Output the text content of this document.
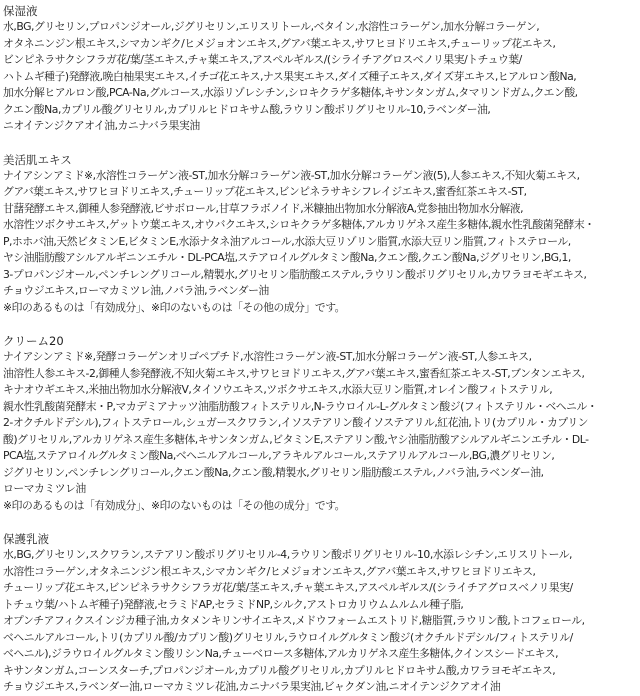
保湿液
水,BG,グリセリン,プロパンジオール,ジグリセリン,エリスリトール,ベタイン,水溶性コラーゲン,加水分解コラーゲン,
オタネニンジン根エキス,シマカンギク/ヒメジョオンエキス,グアバ葉エキス,サワヒヨドリエキス,チューリップ花エキス,
ビンピネラサクシフラガ花/葉/茎エキス,チャ葉エキス,アスペルギルス/(シライチアグロスベノリ果実/トチュウ葉/
ハトムギ種子)発酵液,晩白柚果実エキス,イチゴ花エキス,ナス果実エキス,ダイズ種子エキス,ダイズ芽エキス,ヒアルロン酸Na,
加水分解ヒアルロン酸,PCA-Na,グルコース,水添リゾレシチン,シロキクラゲ多糖体,キサンタンガム,タマリンドガム,クエン酸,
クエン酸Na,カプリル酸グリセリル,カプリルヒドロキサム酸,ラウリン酸ポリグリセリル-10,ラベンダー油,
ニオイテンジクアオイ油,カニナバラ果実油
美活肌エキス
ナイアシンアミド※,水溶性コラーゲン液-ST,加水分解コラーゲン液-ST,加水分解コラーゲン液(5),人参エキス,不知火菊エキス,
グアバ葉エキス,サワヒヨドリエキス,チューリップ花エキス,ビンピネラサキシフレイジエキス,蜜香紅茶エキス-ST,
甘藷発酵エキス,御種人参発酵液,ビサボロール,甘草フラボノイド,米糠抽出物加水分解液A,党参抽出物加水分解液,
水溶性ツボクサエキス,ゲットウ葉エキス,オウバクエキス,シロキクラゲ多糖体,アルカリゲネス産生多糖体,親水性乳酸菌発酵末・
P,ホホバ油,天然ビタミンE,ビタミンE,水添ナタネ油アルコール,水添大豆リゾリン脂質,水添大豆リン脂質,フィトステロール,
ヤシ油脂肪酸アシルアルギニンエチル・DL-PCA塩,ステアロイルグルタミン酸Na,クエン酸,クエン酸Na,ジグリセリン,BG,1,
3-プロパンジオール,ペンチレングリコール,精製水,グリセリン脂肪酸エステル,ラウリン酸ポリグリセリル,カワラヨモギエキス,
チョウジエキス,ローマカミツレ油,ノバラ油,ラベンダー油
※印のあるものは「有効成分」、※印のないものは「その他の成分」です。
クリーム20
ナイアシンアミド※,発酵コラーゲンオリゴペプチド,水溶性コラーゲン液-ST,加水分解コラーゲン液-ST,人参エキス,
油溶性人参エキス-2,御種人参発酵液,不知火菊エキス,サワヒヨドリエキス,グアバ葉エキス,蜜香紅茶エキス-ST,ブンタンエキス,
キナオウギエキス,米抽出物加水分解液V,タイソウエキス,ツボクサエキス,水添大豆リン脂質,オレイン酸フィトステリル,
親水性乳酸菌発酵末・P,マカデミアナッツ油脂肪酸フィトステリル,N-ラウロイル-L-グルタミン酸ジ(フィトステリル・ベヘニル・
2-オクチルドデシル),フィトステロール,シュガースクワラン,イソステアリン酸イソステアリル,紅花油,トリ(カプリル・カプリン
酸)グリセリル,アルカリゲネス産生多糖体,キサンタンガム,ビタミンE,ステアリン酸,ヤシ油脂肪酸アシルアルギニンエチル・DL-
PCA塩,ステアロイルグルタミン酸Na,ベヘニルアルコール,アラキルアルコール,ステアリルアルコール,BG,濃グリセリン,
ジグリセリン,ペンチレングリコール,クエン酸Na,クエン酸,精製水,グリセリン脂肪酸エステル,ノバラ油,ラベンダー油,
ローマカミツレ油
※印のあるものは「有効成分」、※印のないものは「その他の成分」です。
保護乳液
水,BG,グリセリン,スクワラン,ステアリン酸ポリグリセリル-4,ラウリン酸ポリグリセリル-10,水添レシチン,エリスリトール,
水溶性コラーゲン,オタネニンジン根エキス,シマカンギク/ヒメジョオンエキス,グアバ葉エキス,サワヒヨドリエキス,
チューリップ花エキス,ビンピネラサクシフラガ花/葉/茎エキス,チャ葉エキス,アスペルギルス/(シライチアグロスベノリ果実/
トチュウ葉/ハトムギ種子)発酵液,セラミドAP,セラミドNP,シルク,アストロカリウムムルムル種子脂,
オプンチアフィクスインジカ種子油,カタメンキリンサイエキス,メドウフォームエストリド,糖脂質,ラウリン酸,トコフェロール,
ベヘニルアルコール,トリ(カプリル酸/カプリン酸)グリセリル,ラウロイルグルタミン酸ジ(オクチルドデシル/フィトステリル/
ベヘニル),ジラウロイルグルタミン酸リシンNa,チューベロース多糖体,アルカリゲネス産生多糖体,クインスシードエキス,
キサンタンガム,コーンスターチ,プロパンジオール,カプリル酸グリセリル,カプリルヒドロキサム酸,カワラヨモギエキス,
チョウジエキス,ラベンダー油,ローマカミツレ花油,カニナバラ果実油,ビャクダン油,ニオイテンジクアオイ油
